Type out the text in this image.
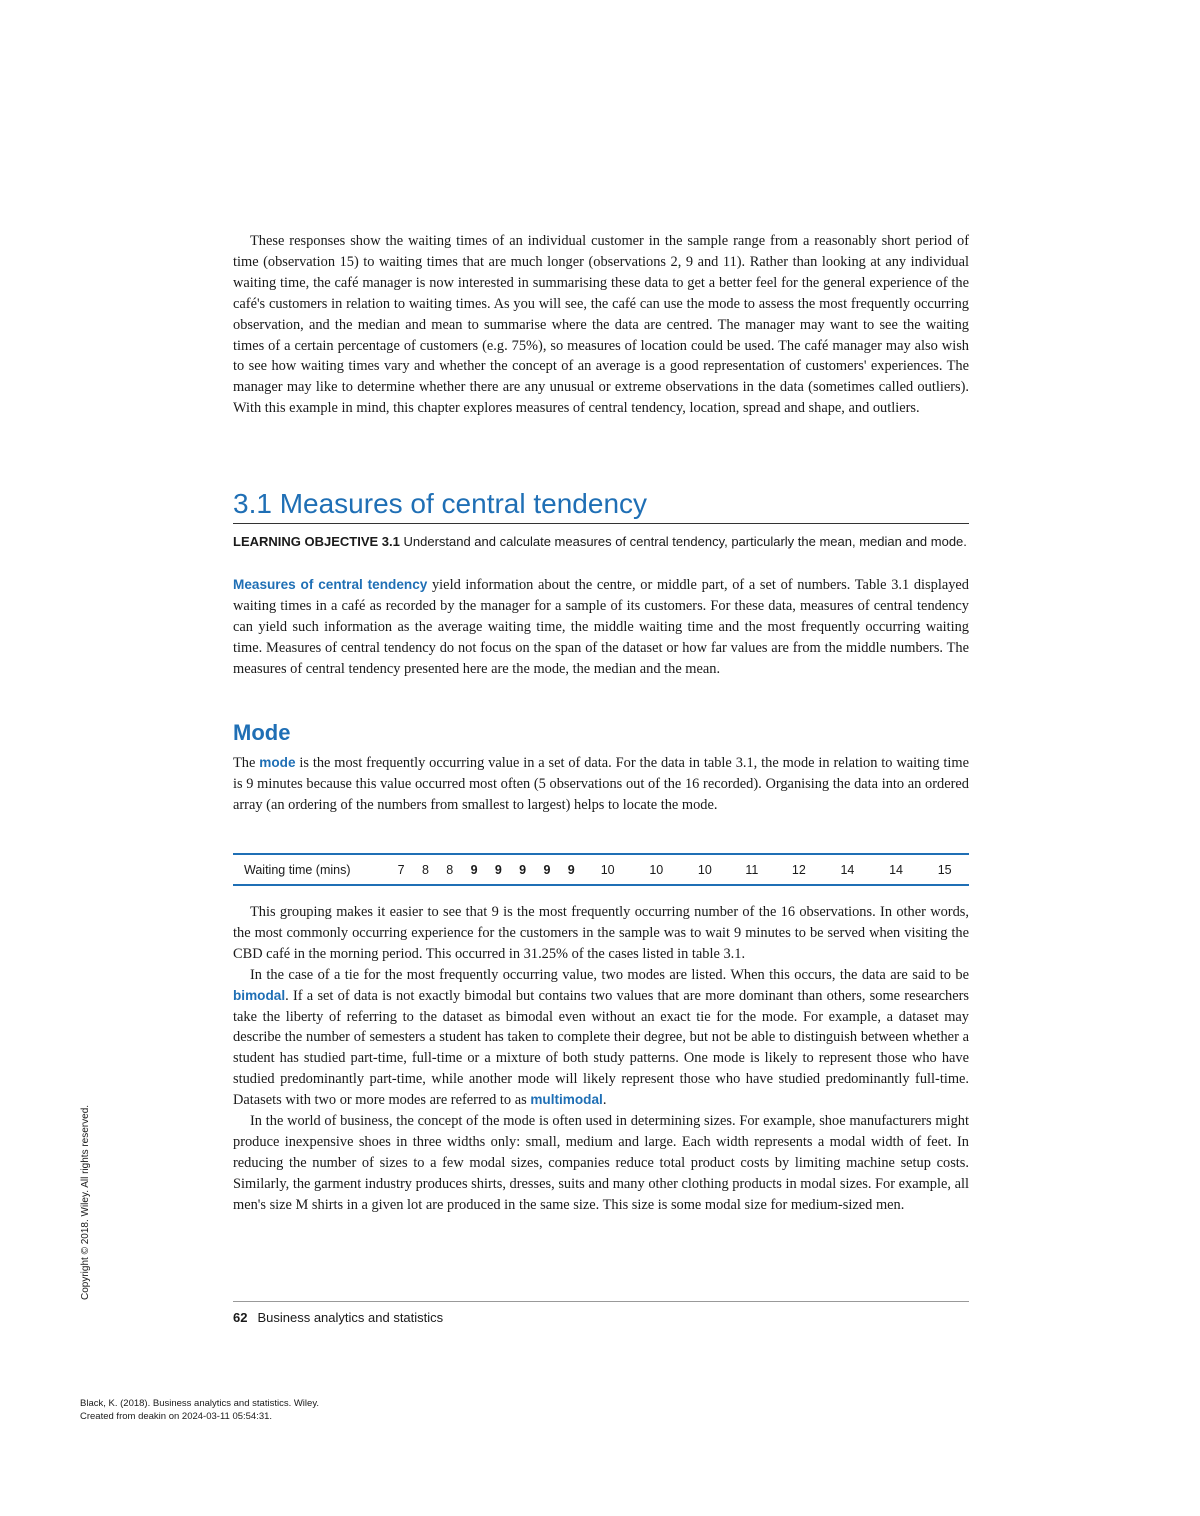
These responses show the waiting times of an individual customer in the sample range from a reasonably short period of time (observation 15) to waiting times that are much longer (observations 2, 9 and 11). Rather than looking at any individual waiting time, the café manager is now interested in summarising these data to get a better feel for the general experience of the café's customers in relation to waiting times. As you will see, the café can use the mode to assess the most frequently occurring observation, and the median and mean to summarise where the data are centred. The manager may want to see the waiting times of a certain percentage of customers (e.g. 75%), so measures of location could be used. The café manager may also wish to see how waiting times vary and whether the concept of an average is a good representation of customers' experiences. The manager may like to determine whether there are any unusual or extreme observations in the data (sometimes called outliers). With this example in mind, this chapter explores measures of central tendency, location, spread and shape, and outliers.

3.1 Measures of central tendency
LEARNING OBJECTIVE 3.1 Understand and calculate measures of central tendency, particularly the mean, median and mode.

Measures of central tendency yield information about the centre, or middle part, of a set of numbers. Table 3.1 displayed waiting times in a café as recorded by the manager for a sample of its customers. For these data, measures of central tendency can yield such information as the average waiting time, the middle waiting time and the most frequently occurring waiting time. Measures of central tendency do not focus on the span of the dataset or how far values are from the middle numbers. The measures of central tendency presented here are the mode, the median and the mean.

Mode

The mode is the most frequently occurring value in a set of data. For the data in table 3.1, the mode in relation to waiting time is 9 minutes because this value occurred most often (5 observations out of the 16 recorded). Organising the data into an ordered array (an ordering of the numbers from smallest to largest) helps to locate the mode.

Waiting time (mins)	7	8	8	9	9	9	9	9	10	10	10	11	12	14	14	15

This grouping makes it easier to see that 9 is the most frequently occurring number of the 16 observations. In other words, the most commonly occurring experience for the customers in the sample was to wait 9 minutes to be served when visiting the CBD café in the morning period. This occurred in 31.25% of the cases listed in table 3.1.

In the case of a tie for the most frequently occurring value, two modes are listed. When this occurs, the data are said to be bimodal. If a set of data is not exactly bimodal but contains two values that are more dominant than others, some researchers take the liberty of referring to the dataset as bimodal even without an exact tie for the mode. For example, a dataset may describe the number of semesters a student has taken to complete their degree, but not be able to distinguish between whether a student has studied part-time, full-time or a mixture of both study patterns. One mode is likely to represent those who have studied predominantly part-time, while another mode will likely represent those who have studied predominantly full-time. Datasets with two or more modes are referred to as multimodal.

In the world of business, the concept of the mode is often used in determining sizes. For example, shoe manufacturers might produce inexpensive shoes in three widths only: small, medium and large. Each width represents a modal width of feet. In reducing the number of sizes to a few modal sizes, companies reduce total product costs by limiting machine setup costs. Similarly, the garment industry produces shirts, dresses, suits and many other clothing products in modal sizes. For example, all men's size M shirts in a given lot are produced in the same size. This size is some modal size for medium-sized men.

62 Business analytics and statistics
Copyright © 2018. Wiley. All rights reserved.
Black, K. (2018). Business analytics and statistics. Wiley.
Created from deakin on 2024-03-11 05:54:31.
